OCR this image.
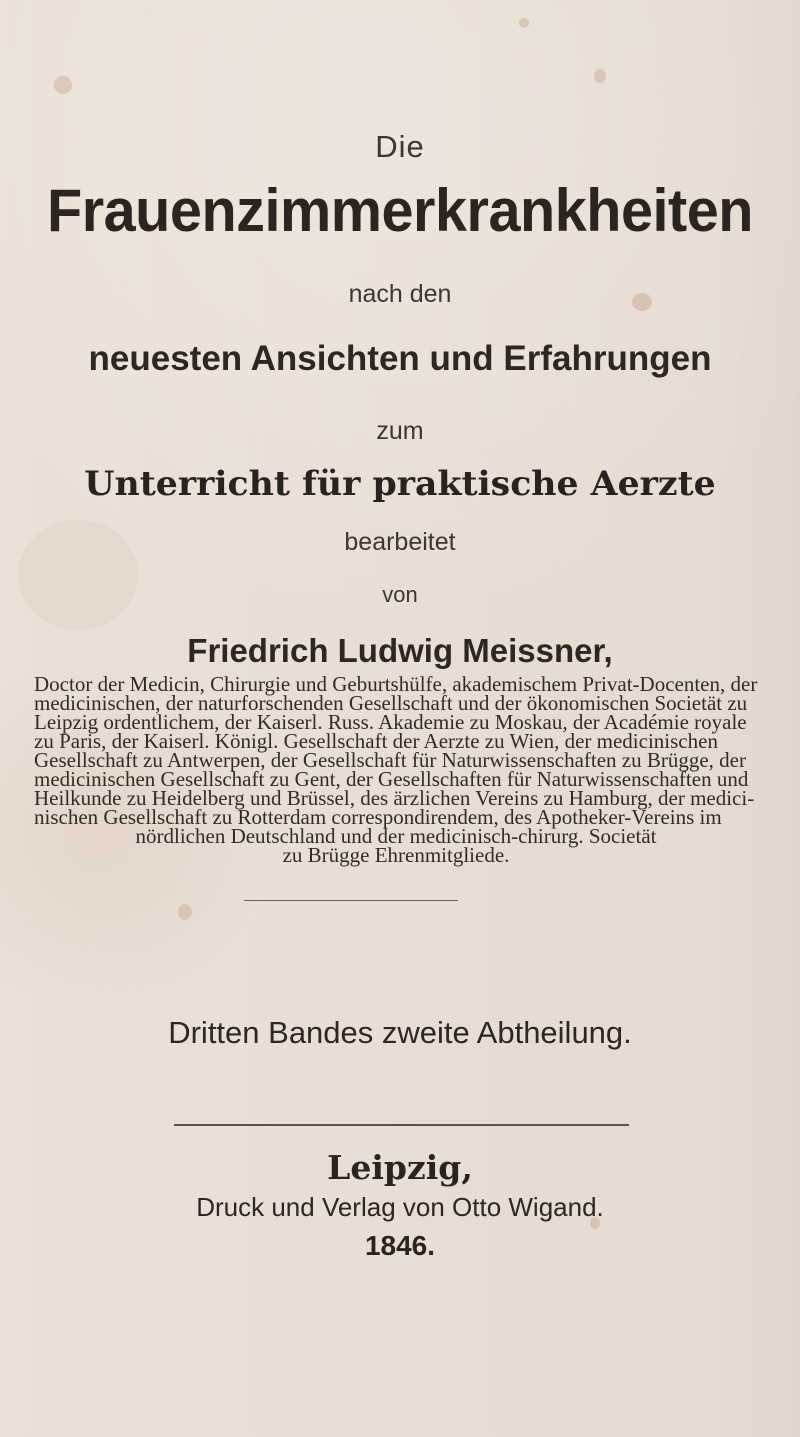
Die
Frauenzimmerkrankheiten
nach den
neuesten Ansichten und Erfahrungen
zum
Unterricht für praktische Aerzte
bearbeitet
von
Friedrich Ludwig Meissner,
Doctor der Medicin, Chirurgie und Geburtshülfe, akademischem Privat-Docenten, der
medicinischen, der naturforschenden Gesellschaft und der ökonomischen Societät zu
Leipzig ordentlichem, der Kaiserl. Russ. Akademie zu Moskau, der Académie royale
zu Paris, der Kaiserl. Königl. Gesellschaft der Aerzte zu Wien, der medicinischen
Gesellschaft zu Antwerpen, der Gesellschaft für Naturwissenschaften zu Brügge, der
medicinischen Gesellschaft zu Gent, der Gesellschaften für Naturwissenschaften und
Heilkunde zu Heidelberg und Brüssel, des ärzlichen Vereins zu Hamburg, der medici-
nischen Gesellschaft zu Rotterdam correspondirendem, des Apotheker-Vereins im
nördlichen Deutschland und der medicinisch-chirurg. Societät
zu Brügge Ehrenmitgliede.
Dritten Bandes zweite Abtheilung.
Leipzig,
Druck und Verlag von Otto Wigand.
1846.
